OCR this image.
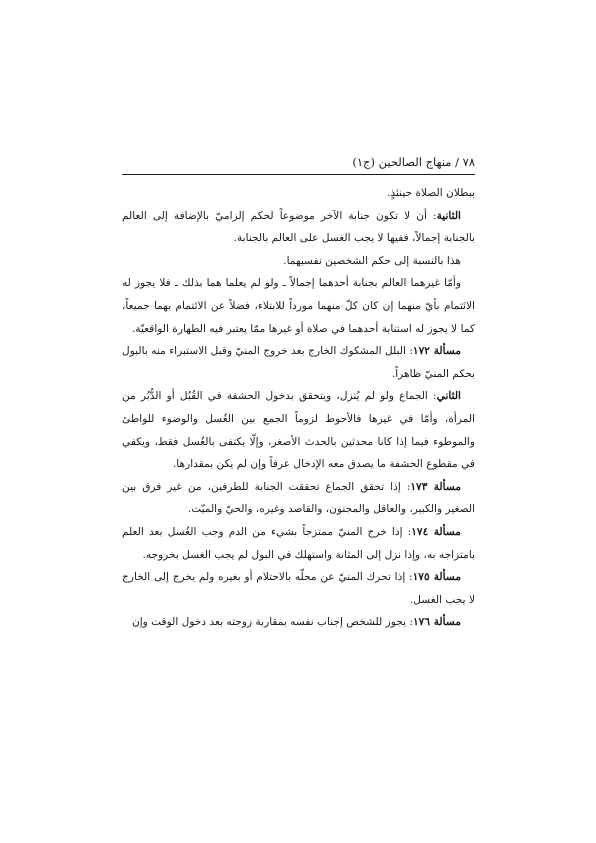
٧٨ / منهاج الصالحين (ج١)

ببطلان الصلاة حينئذٍ.

الثانية: أن لا تكون جنابة الآخر موضوعاً لحكم إلزاميّ بالإضافة إلى العالم بالجنابة إجمالاً، ففيها لا يجب الغسل على العالم بالجنابة.

هذا بالنسبة إلى حكم الشخصين نفسيهما.

وأمّا غيرهما العالم بجنابة أحدهما إجمالاً ـ ولو لم يعلما هما بذلك ـ فلا يجوز له الائتمام بأيّ منهما إن كان كلّ منهما مورداً للابتلاء، فضلاً عن الائتمام بهما جميعاً، كما لا يجوز له استنابة أحدهما في صلاة أو غيرها ممّا يعتبر فيه الطهارة الواقعيّة.

مسألة ١٧٢: البلل المشكوك الخارج بعد خروج المنيّ وقبل الاستبراء منه بالبول بحكم المنيّ ظاهراً.

الثاني: الجماع ولو لم يُنزل، ويتحقق بدخول الحشفة في القُبُل أو الدُّبُر من المرأة، وأمّا في غيرها فالأحوط لزوماً الجمع بين الغُسل والوضوء للواطئ والموطوء فيما إذا كانا محدثين بالحدث الأصغر، وإلّا يكتفى بالغُسل فقط، ويكفي في مقطوع الحشفة ما يصدق معه الإدخال عرفاً وإن لم يكن بمقدارها.

مسألة ١٧٣: إذا تحقق الجماع تحققت الجنابة للطرفين، من غير فرق بين الصغير والكبير، والعاقل والمجنون، والقاصد وغيره، والحيّ والميّت.

مسألة ١٧٤: إذا خرج المنيّ ممتزجاً بشيء من الدم وجب الغُسل بعد العلم بامتزاجه به، وإذا نزل إلى المثانة واستهلك في البول لم يجب الغسل بخروجه.

مسألة ١٧٥: إذا تحرك المنيّ عن محلّه بالاحتلام أو بغيره ولم يخرج إلى الخارج لا يجب الغسل.

مسألة ١٧٦: يجوز للشخص إجناب نفسه بمقاربة زوجته بعد دخول الوقت وإن
